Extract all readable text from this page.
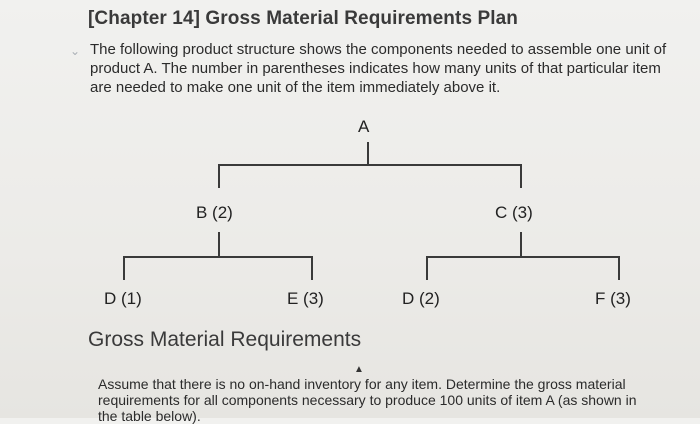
[Chapter 14] Gross Material Requirements Plan
⌄ The following product structure shows the components needed to assemble one unit of product A. The number in parentheses indicates how many units of that particular item are needed to make one unit of the item immediately above it.
A
B (2)	C (3)
D (1)	E (3)	D (2)	F (3)
Gross Material Requirements
▲
Assume that there is no on-hand inventory for any item. Determine the gross material requirements for all components necessary to produce 100 units of item A (as shown in the table below).
